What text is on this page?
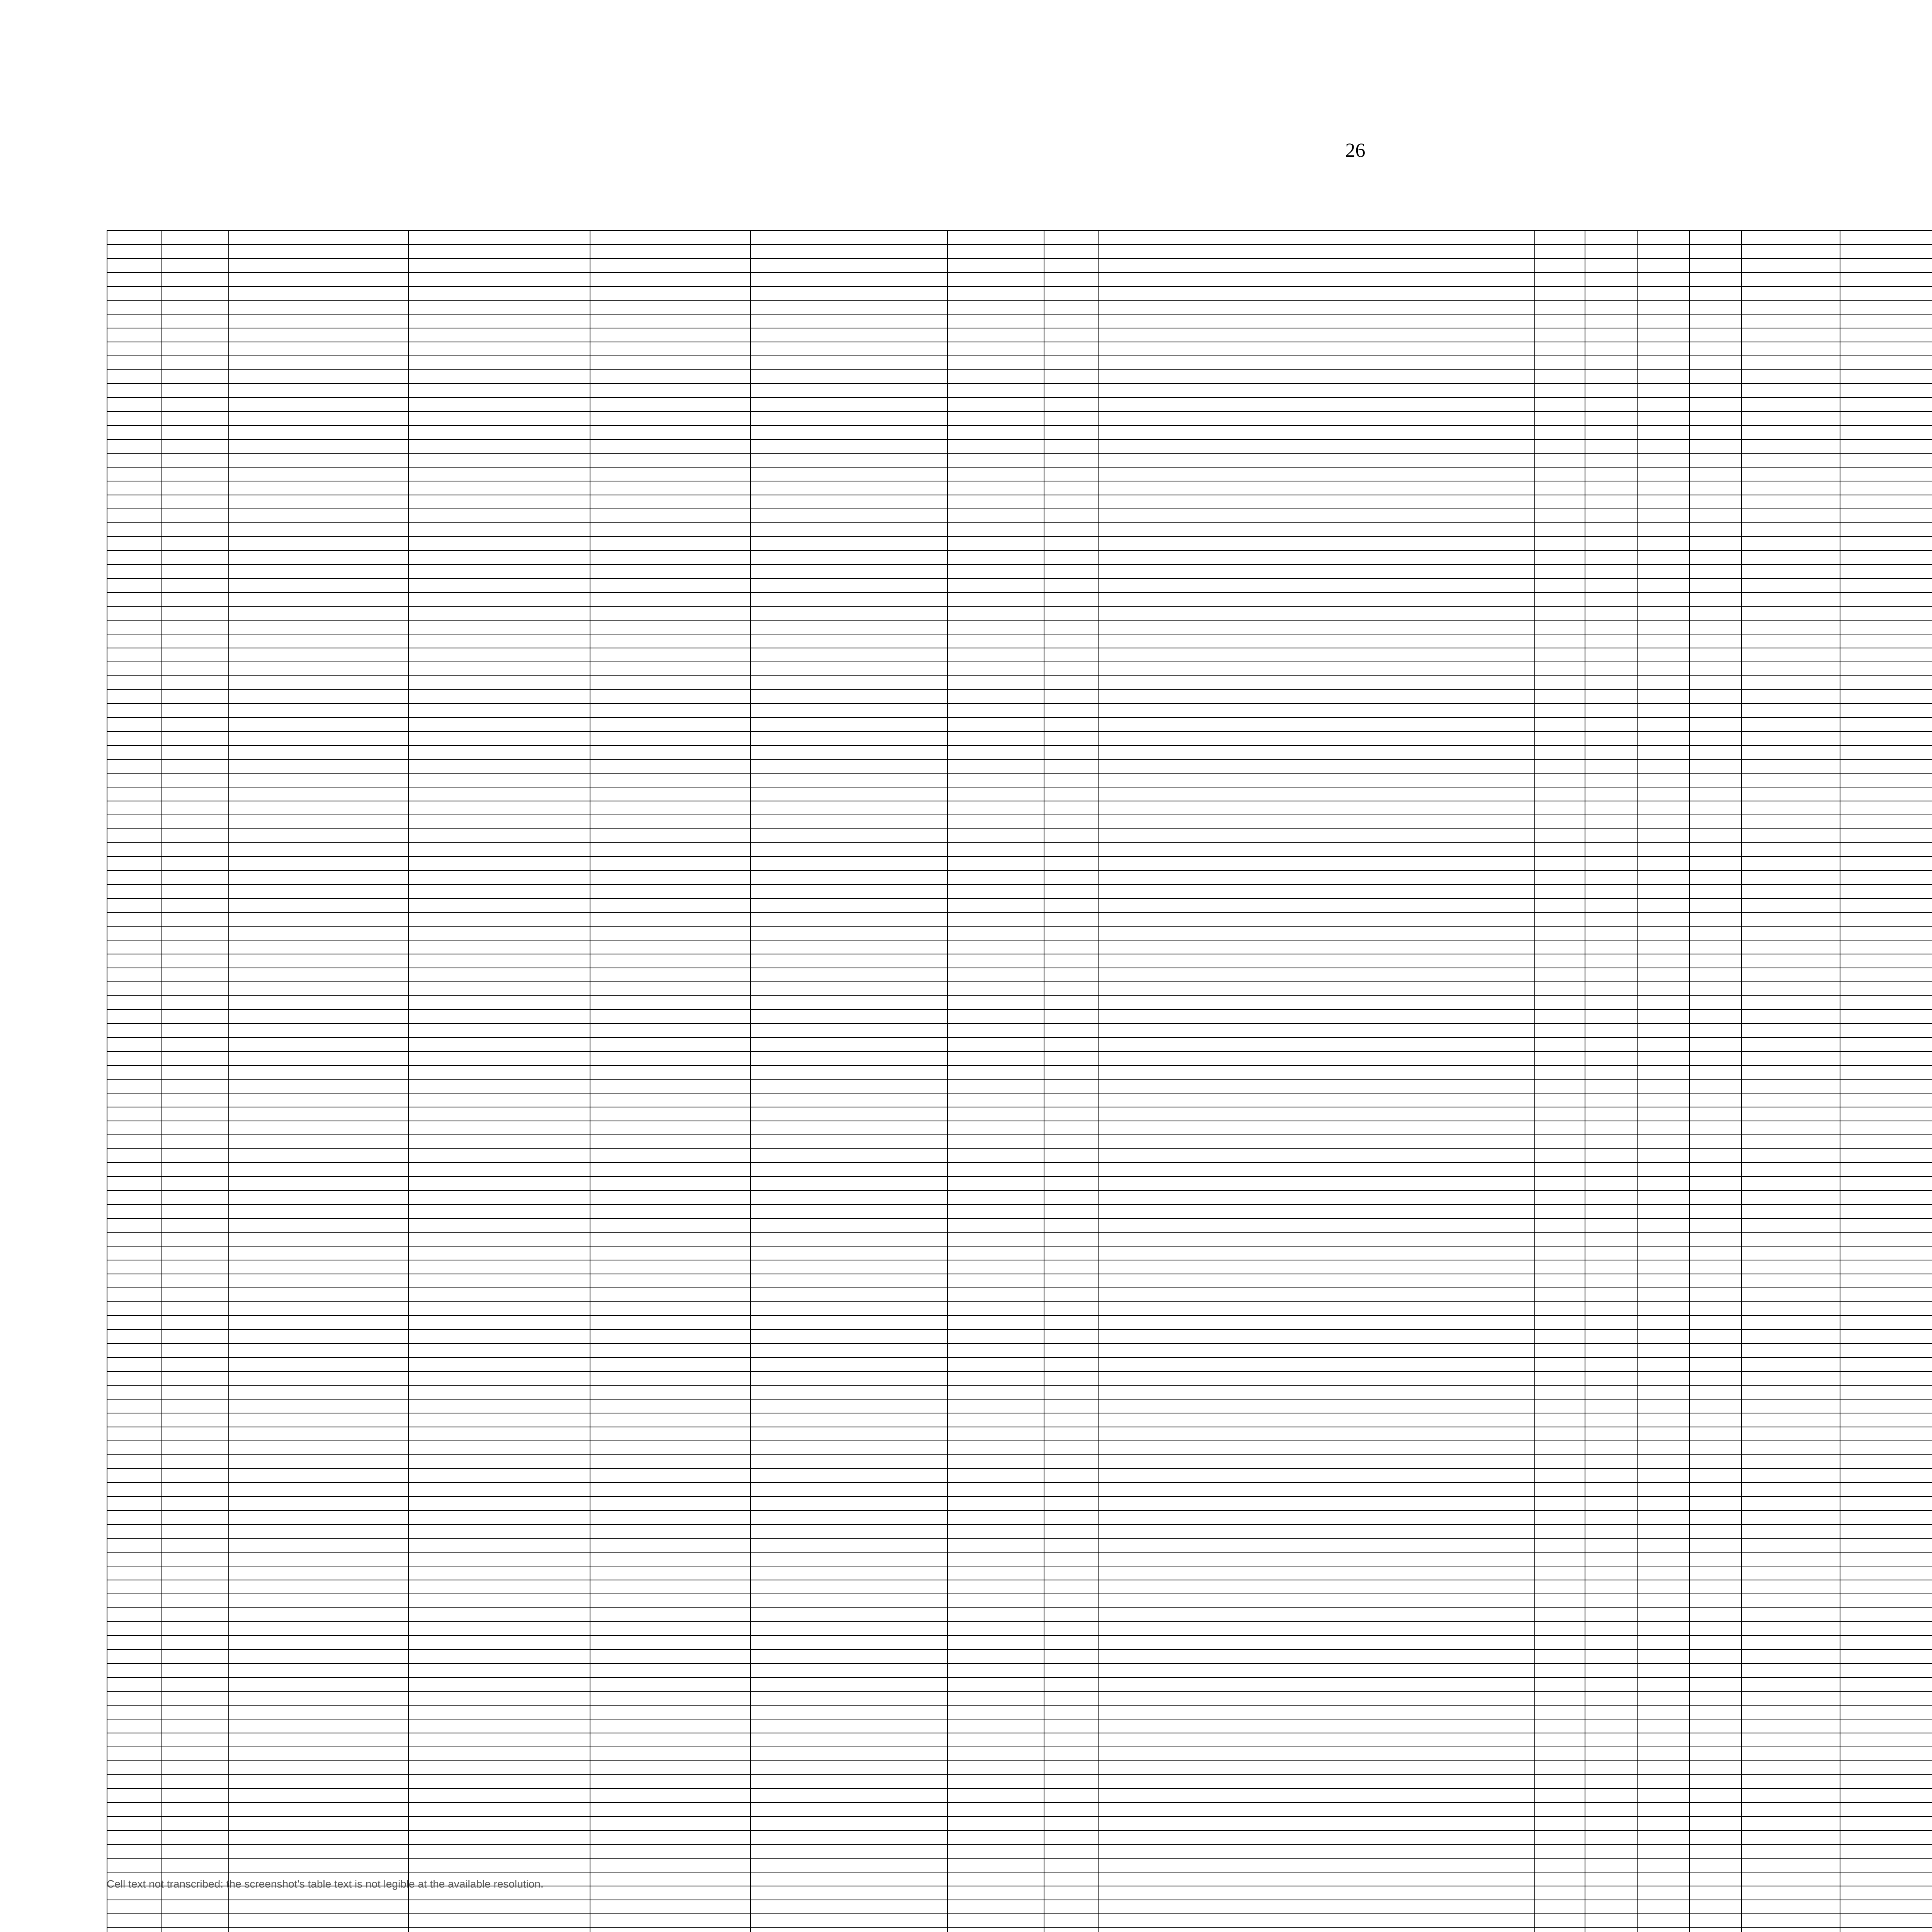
26

Cell text not transcribed: the screenshot's table text is not legible at the available resolution.
